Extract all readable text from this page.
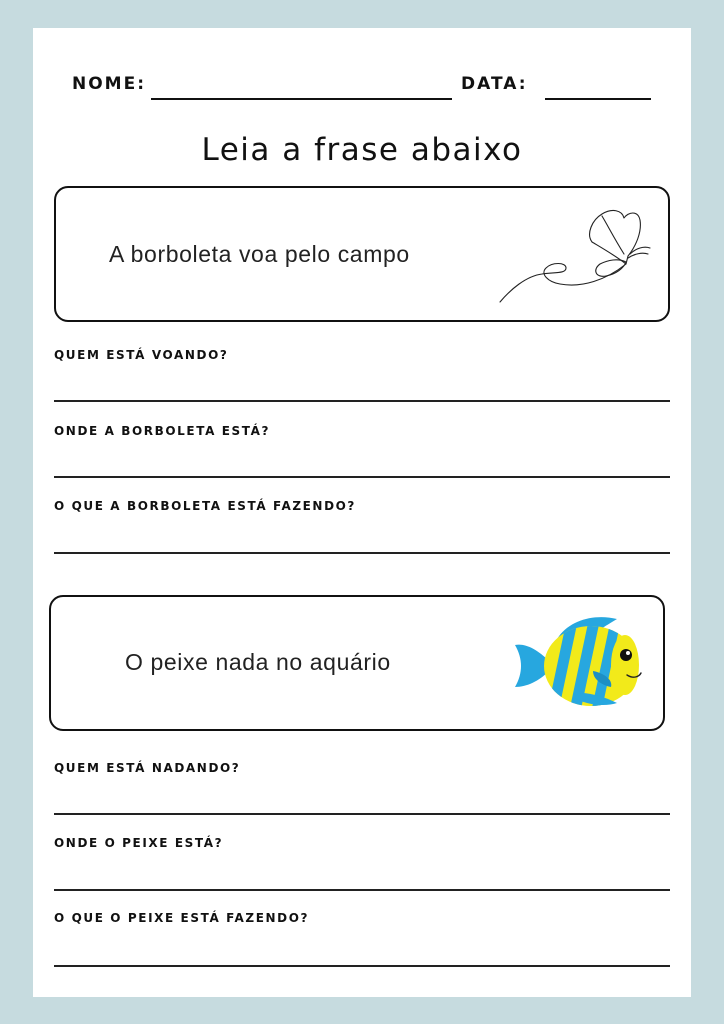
NOME:	DATA:
Leia a frase abaixo
A borboleta voa pelo campo
QUEM ESTÁ VOANDO?
ONDE A BORBOLETA ESTÁ?
O QUE A BORBOLETA ESTÁ FAZENDO?
O peixe nada no aquário
QUEM ESTÁ NADANDO?
ONDE O PEIXE ESTÁ?
O QUE O PEIXE ESTÁ FAZENDO?
